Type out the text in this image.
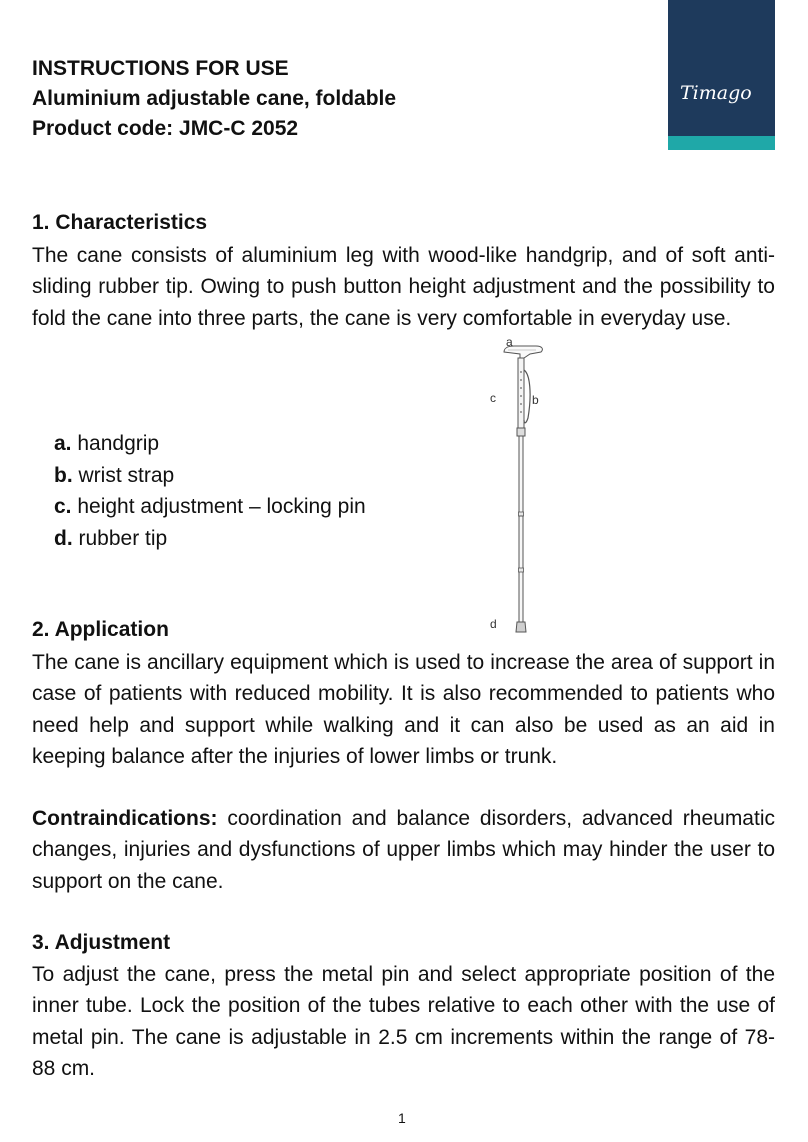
INSTRUCTIONS FOR USE
Aluminium adjustable cane, foldable
Product code: JMC-C 2052
Timago
1. Characteristics

The cane consists of aluminium leg with wood-like handgrip, and of soft anti-sliding rubber tip. Owing to push button height adjustment and the possibility to fold the cane into three parts, the cane is very comfortable in everyday use.

a. handgrip
b. wrist strap
c. height adjustment – locking pin
d. rubber tip
a
c	b
d
2. Application

The cane is ancillary equipment which is used to increase the area of support in case of patients with reduced mobility. It is also recommended to patients who need help and support while walking and it can also be used as an aid in keeping balance after the injuries of lower limbs or trunk.

Contraindications: coordination and balance disorders, advanced rheumatic changes, injuries and dysfunctions of upper limbs which may hinder the user to support on the cane.

3. Adjustment

To adjust the cane, press the metal pin and select appropriate position of the inner tube. Lock the position of the tubes relative to each other with the use of metal pin. The cane is adjustable in 2.5 cm increments within the range of 78-88 cm.

1
